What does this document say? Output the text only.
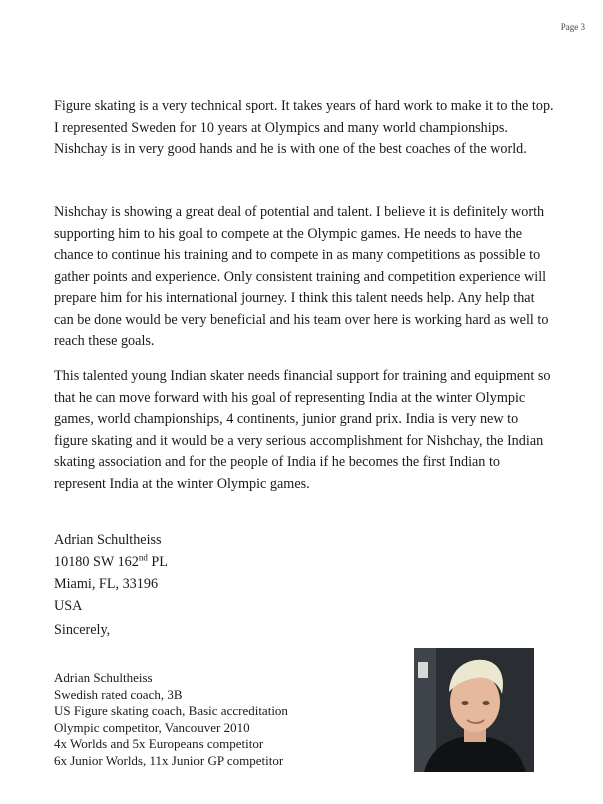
Page 3

Figure skating is a very technical sport. It takes years of hard work to make it to the top. I represented Sweden for 10 years at Olympics and many world championships. Nishchay is in very good hands and he is with one of the best coaches of the world.

Nishchay is showing a great deal of potential and talent. I believe it is definitely worth supporting him to his goal to compete at the Olympic games. He needs to have the chance to continue his training and to compete in as many competitions as possible to gather points and experience. Only consistent training and competition experience will prepare him for his international journey. I think this talent needs help. Any help that can be done would be very beneficial and his team over here is working hard as well to reach these goals.

This talented young Indian skater needs financial support for training and equipment so that he can move forward with his goal of representing India at the winter Olympic games, world championships, 4 continents, junior grand prix. India is very new to figure skating and it would be a very serious accomplishment for Nishchay, the Indian skating association and for the people of India if he becomes the first Indian to represent India at the winter Olympic games.

Adrian Schultheiss
10180 SW 162nd PL
Miami, FL, 33196
USA
Sincerely,
Adrian Schultheiss
Swedish rated coach, 3B
US Figure skating coach, Basic accreditation
Olympic competitor, Vancouver 2010
4x Worlds and 5x Europeans competitor
6x Junior Worlds, 11x Junior GP competitor
